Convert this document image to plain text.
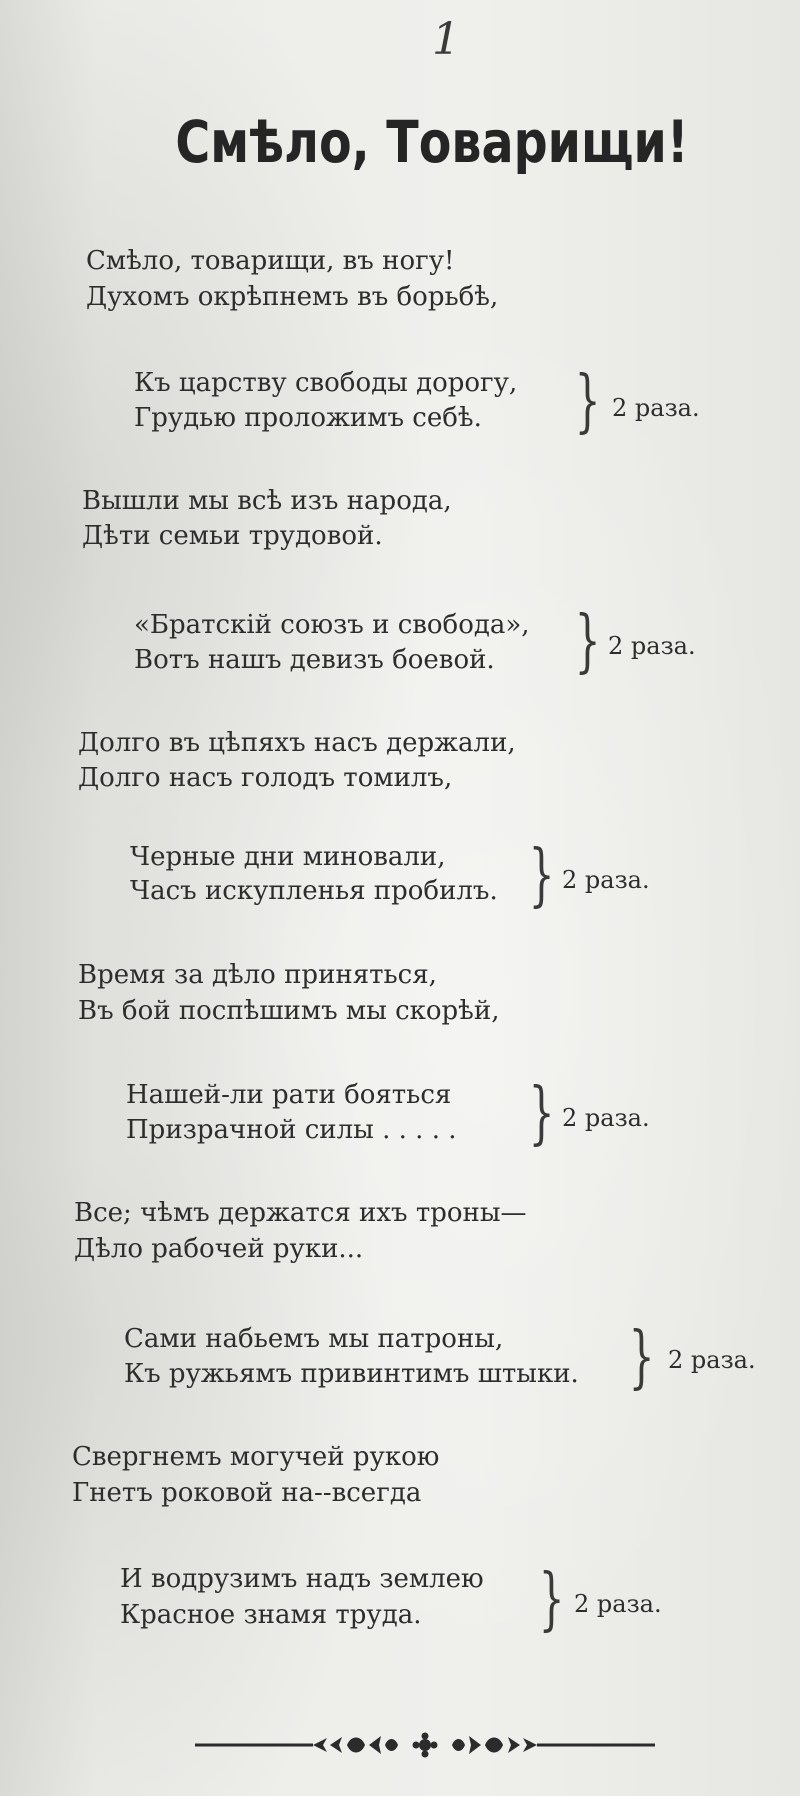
1
Смѣло, Товарищи!
Смѣло, товарищи, въ ногу!
Духомъ окрѣпнемъ въ борьбѣ,
Къ царству свободы дорогу,
Грудью проложимъ себѣ. } 2 раза.
Вышли мы всѣ изъ народа,
Дѣти семьи трудовой.
«Братскій союзъ и свобода»,
Вотъ нашъ девизъ боевой. } 2 раза.
Долго въ цѣпяхъ насъ держали,
Долго насъ голодъ томилъ,
Черные дни миновали,
Часъ искупленья пробилъ. } 2 раза.
Время за дѣло приняться,
Въ бой поспѣшимъ мы скорѣй,
Нашей-ли рати бояться
Призрачной силы . . . . . } 2 раза.
Все; чѣмъ держатся ихъ троны—
Дѣло рабочей руки...
Сами набьемъ мы патроны,
Къ ружьямъ привинтимъ штыки. } 2 раза.
Свергнемъ могучей рукою
Гнетъ роковой на--всегда
И водрузимъ надъ землею
Красное знамя труда. } 2 раза.
